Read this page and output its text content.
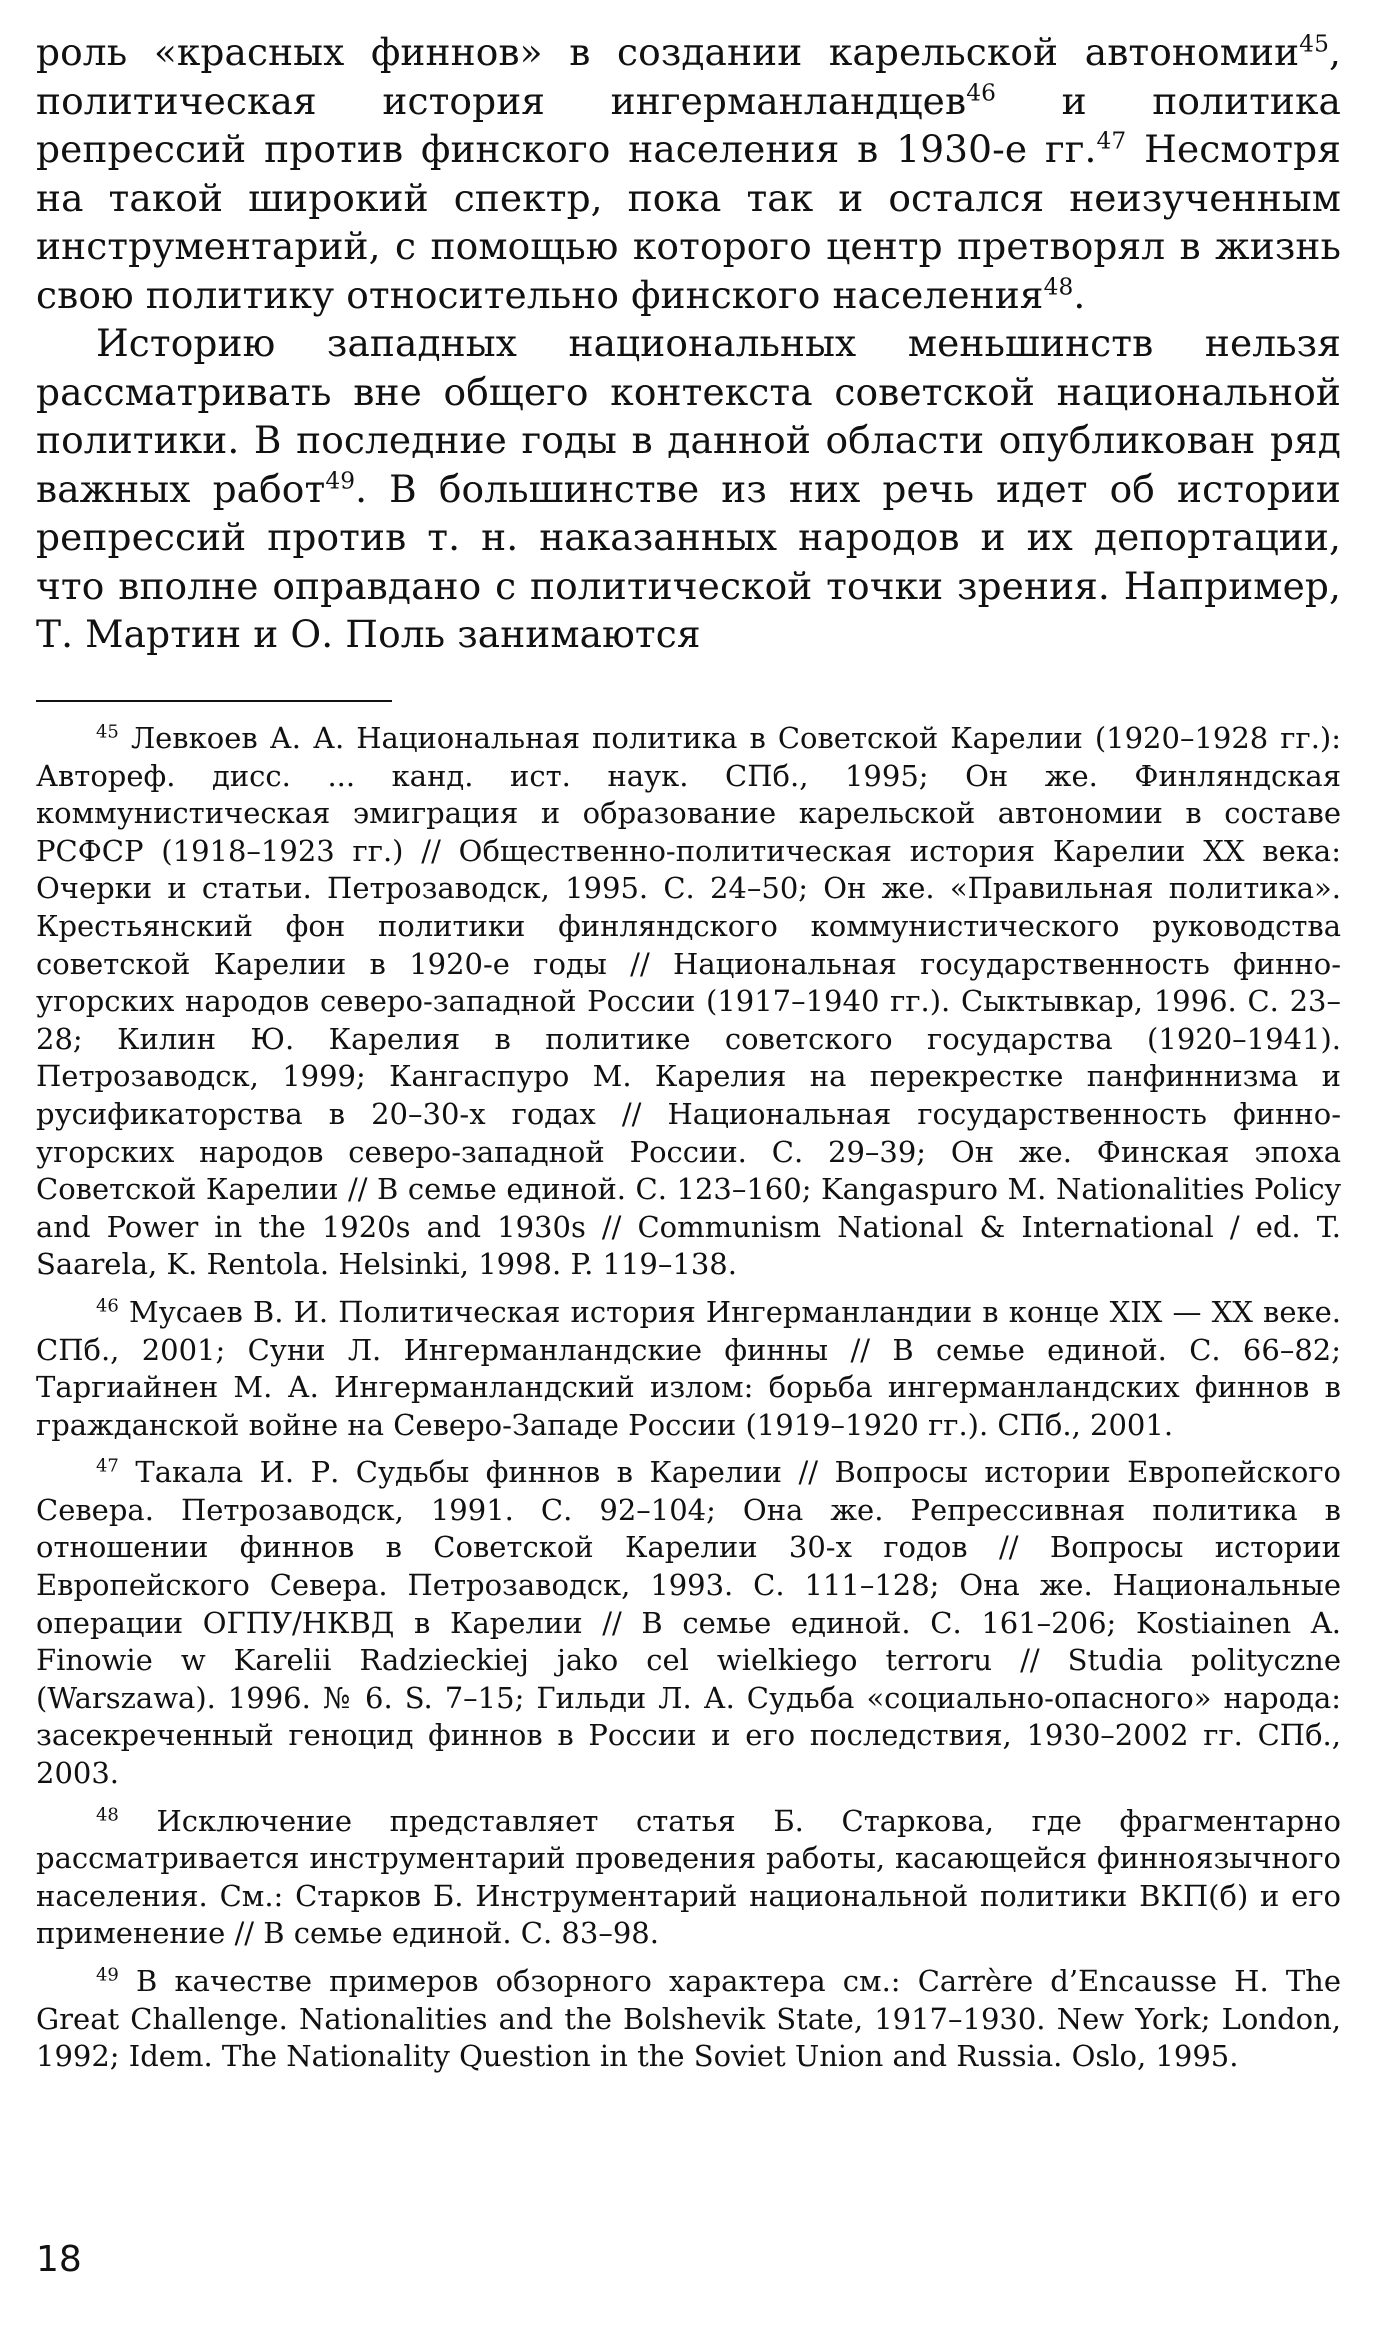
роль «красных финнов» в создании карельской автономии$^{45}$, политическая история ингерманландцев$^{46}$ и политика репрессий против финского населения в 1930-е гг.$^{47}$ Несмотря на такой широкий спектр, пока так и остался неизученным инструментарий, с помощью которого центр претворял в жизнь свою политику относительно финского населения$^{48}$.

Историю западных национальных меньшинств нельзя рассматривать вне общего контекста советской национальной политики. В последние годы в данной области опубликован ряд важных работ$^{49}$. В большинстве из них речь идет об истории репрессий против т. н. наказанных народов и их депортации, что вполне оправдано с политической точки зрения. Например, Т. Мартин и О. Поль занимаются

$^{45}$ Левкоев А. А. Национальная политика в Советской Карелии (1920–1928 гг.): Автореф. дисс. ... канд. ист. наук. СПб., 1995; Он же. Финляндская коммунистическая эмиграция и образование карельской автономии в составе РСФСР (1918–1923 гг.) // Общественно-политическая история Карелии XX века: Очерки и статьи. Петрозаводск, 1995. С. 24–50; Он же. «Правильная политика». Крестьянский фон политики финляндского коммунистического руководства советской Карелии в 1920-е годы // Национальная государственность финно-угорских народов северо-западной России (1917–1940 гг.). Сыктывкар, 1996. С. 23–28; Килин Ю. Карелия в политике советского государства (1920–1941). Петрозаводск, 1999; Кангаспуро М. Карелия на перекрестке панфиннизма и русификаторства в 20–30-х годах // Национальная государственность финно-угорских народов северо-западной России. С. 29–39; Он же. Финская эпоха Советской Карелии // В семье единой. С. 123–160; Kangaspuro M. Nationalities Policy and Power in the 1920s and 1930s // Communism National & International / ed. T. Saarela, K. Rentola. Helsinki, 1998. P. 119–138.

$^{46}$ Мусаев В. И. Политическая история Ингерманландии в конце XIX — XX веке. СПб., 2001; Суни Л. Ингерманландские финны // В семье единой. С. 66–82; Таргиайнен М. А. Ингерманландский излом: борьба ингерманландских финнов в гражданской войне на Северо-Западе России (1919–1920 гг.). СПб., 2001.

$^{47}$ Такала И. Р. Судьбы финнов в Карелии // Вопросы истории Европейского Севера. Петрозаводск, 1991. С. 92–104; Она же. Репрессивная политика в отношении финнов в Советской Карелии 30-х годов // Вопросы истории Европейского Севера. Петрозаводск, 1993. С. 111–128; Она же. Национальные операции ОГПУ/НКВД в Карелии // В семье единой. С. 161–206; Kostiainen A. Finowie w Karelii Radzieckiej jako cel wielkiego terroru // Studia polityczne (Warszawa). 1996. № 6. S. 7–15; Гильди Л. А. Судьба «социально-опасного» народа: засекреченный геноцид финнов в России и его последствия, 1930–2002 гг. СПб., 2003.

$^{48}$ Исключение представляет статья Б. Старкова, где фрагментарно рассматривается инструментарий проведения работы, касающейся финноязычного населения. См.: Старков Б. Инструментарий национальной политики ВКП(б) и его применение // В семье единой. С. 83–98.

$^{49}$ В качестве примеров обзорного характера см.: Carrère d’Encausse H. The Great Challenge. Nationalities and the Bolshevik State, 1917–1930. New York; London, 1992; Idem. The Nationality Question in the Soviet Union and Russia. Oslo, 1995.

18
